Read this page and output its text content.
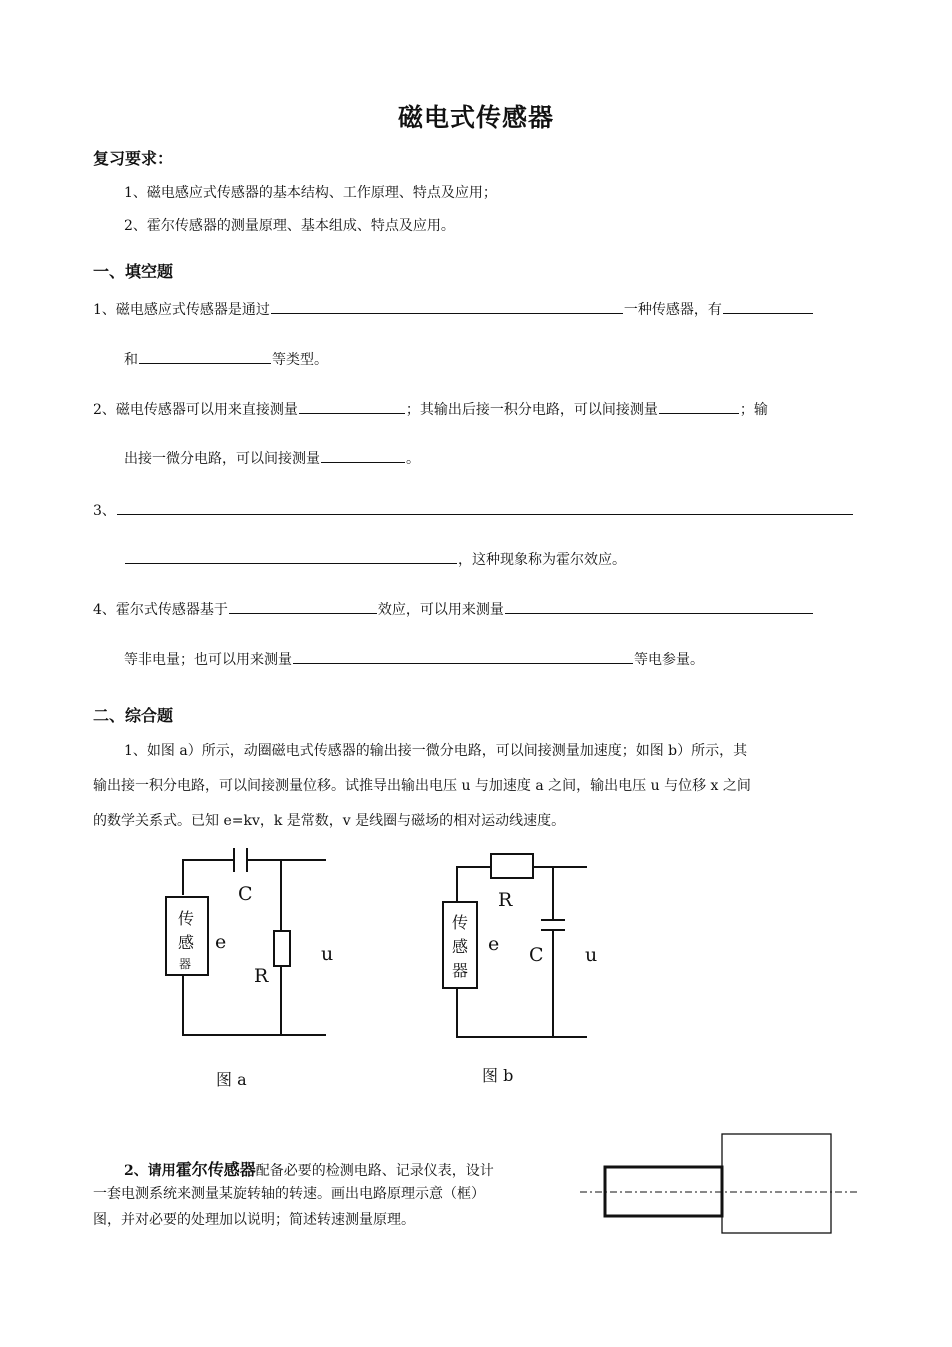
磁电式传感器
复习要求：
1、磁电感应式传感器的基本结构、工作原理、特点及应用；
2、霍尔传感器的测量原理、基本组成、特点及应用。
一、填空题
1、磁电感应式传感器是通过	一种传感器，有
和	等类型。
2、磁电传感器可以用来直接测量	；其输出后接一积分电路，可以间接测量	；输
出接一微分电路，可以间接测量	。
3、
，这种现象称为霍尔效应。
4、霍尔式传感器基于	效应，可以用来测量
等非电量；也可以用来测量	等电参量。
二、综合题
1、如图 a）所示，动圈磁电式传感器的输出接一微分电路，可以间接测量加速度；如图 b）所示，其
输出接一积分电路，可以间接测量位移。试推导出输出电压 u 与加速度 a 之间，输出电压 u 与位移 x 之间
的数学关系式。已知 e=kv，k 是常数，v 是线圈与磁场的相对运动线速度。
传
感
器
C
e
R
u
图 a
传
感
器
R
e C u
图 b
2、请用霍尔传感器配备必要的检测电路、记录仪表，设计
一套电测系统来测量某旋转轴的转速。画出电路原理示意（框）
图，并对必要的处理加以说明；简述转速测量原理。
